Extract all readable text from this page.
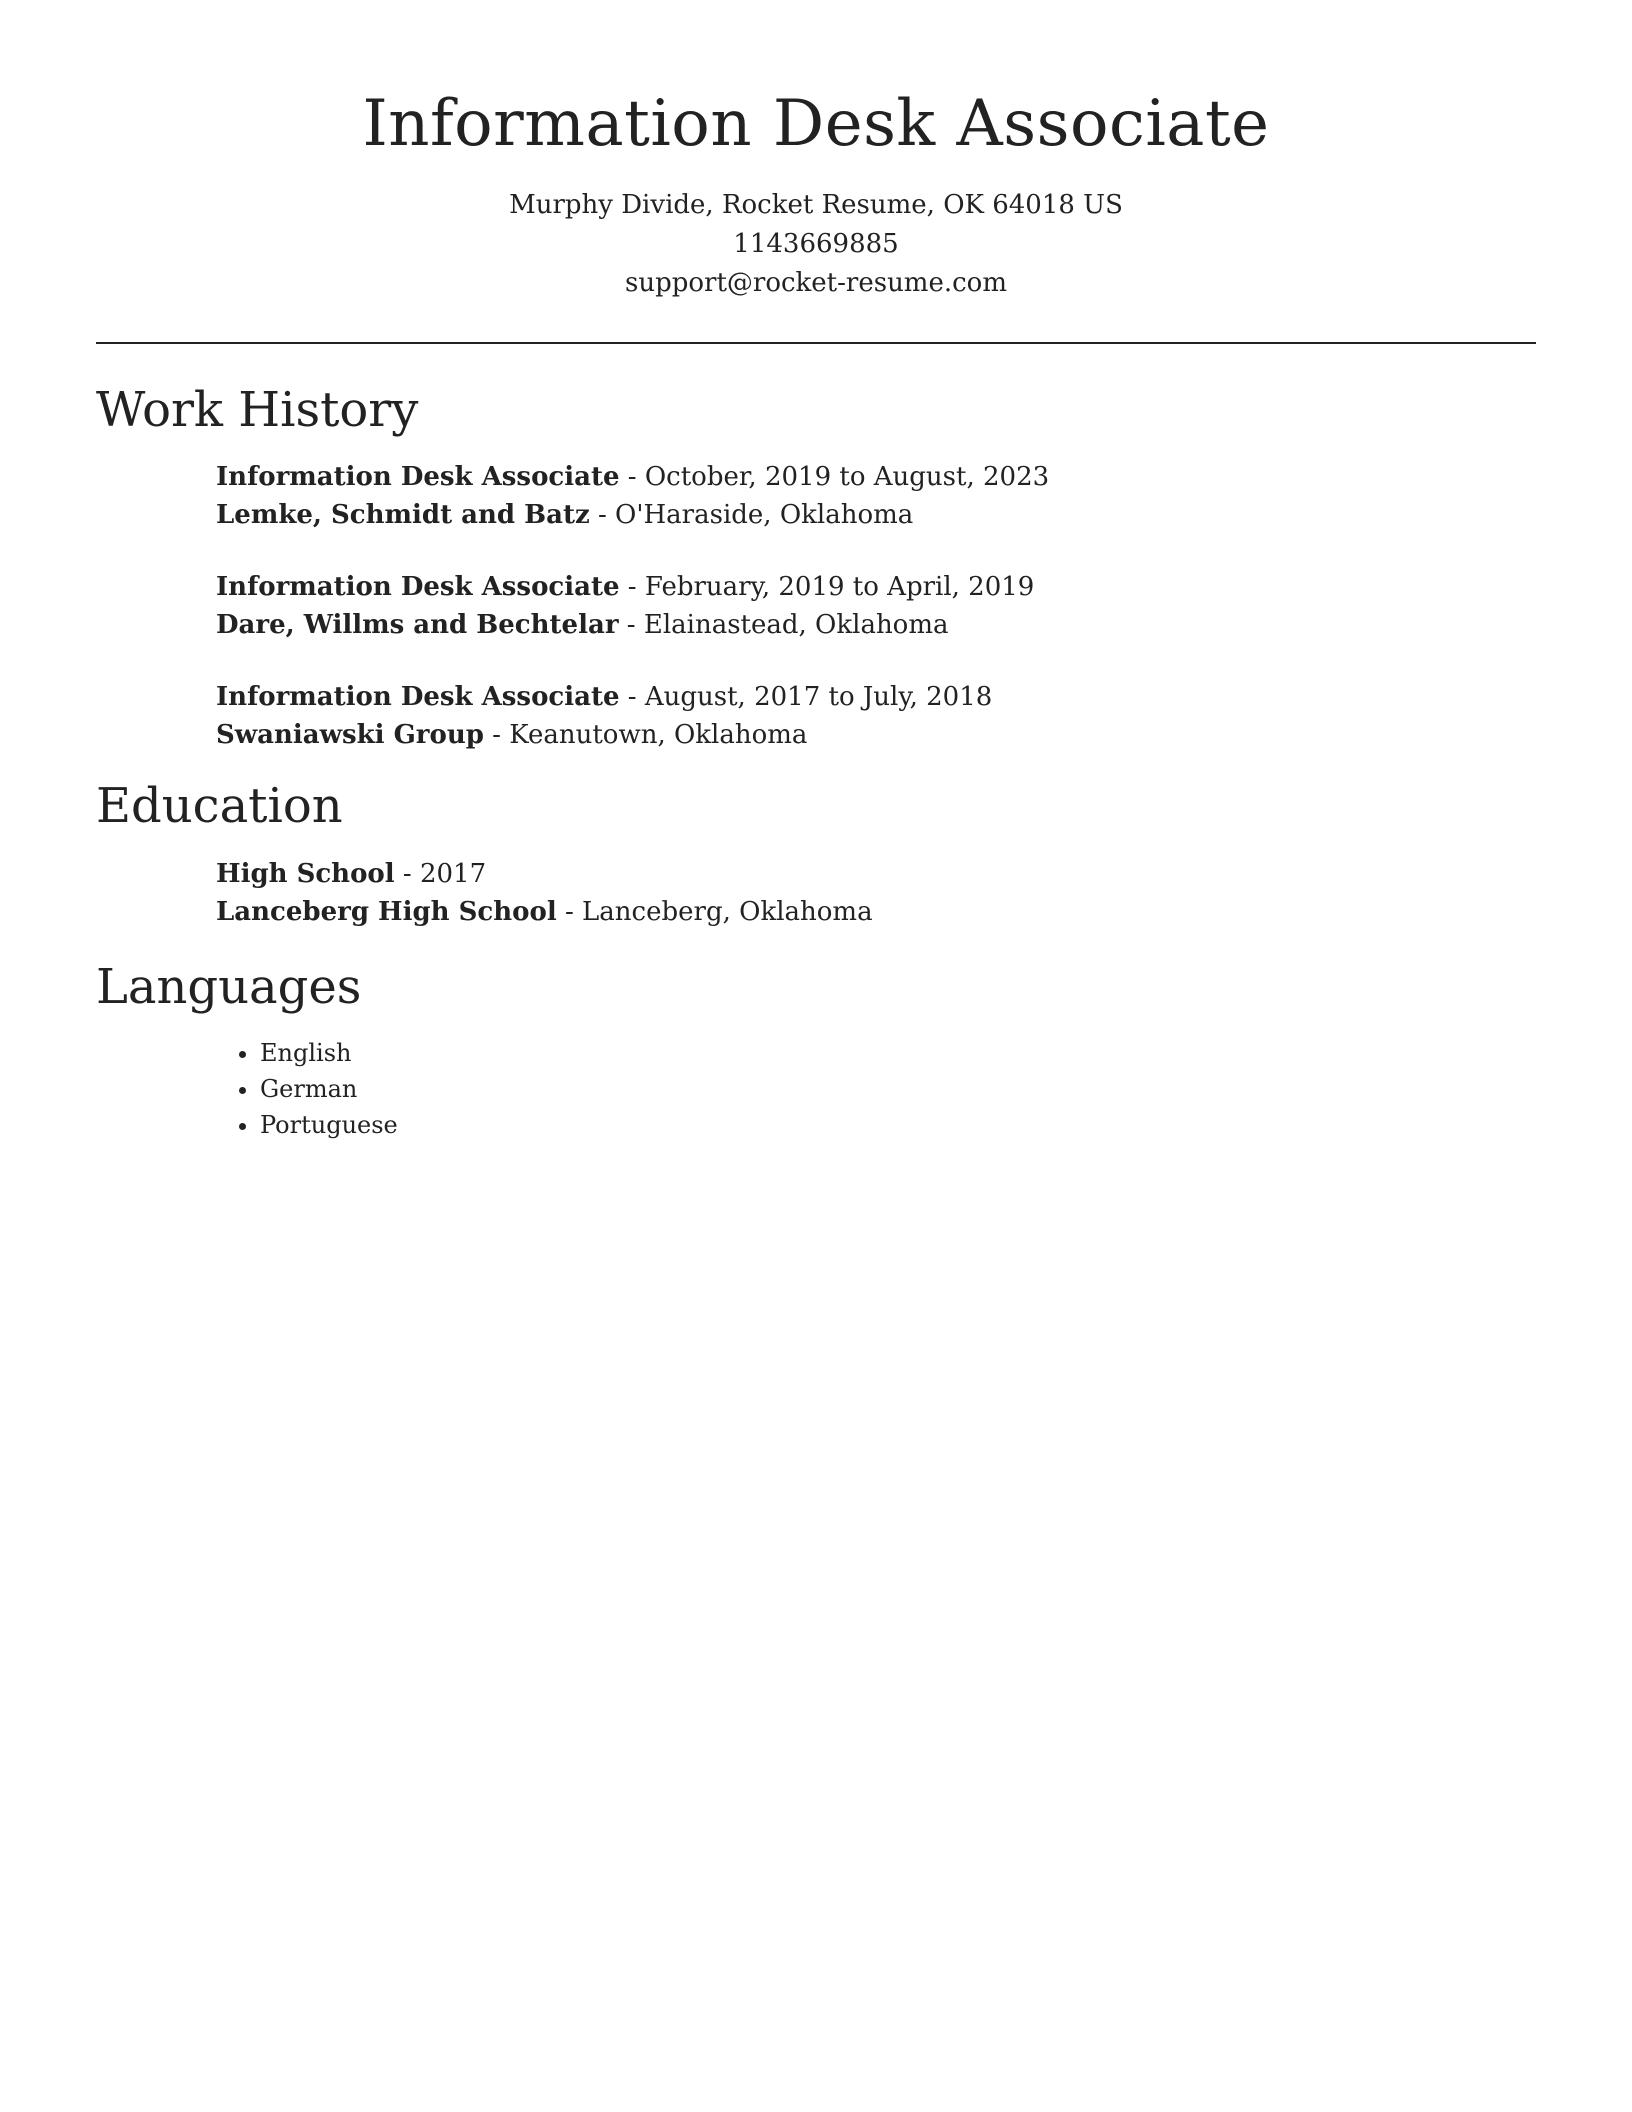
Information Desk Associate
Murphy Divide, Rocket Resume, OK 64018 US
1143669885
support@rocket-resume.com
Work History
Information Desk Associate - October, 2019 to August, 2023
Lemke, Schmidt and Batz - O'Haraside, Oklahoma
Information Desk Associate - February, 2019 to April, 2019
Dare, Willms and Bechtelar - Elainastead, Oklahoma
Information Desk Associate - August, 2017 to July, 2018
Swaniawski Group - Keanutown, Oklahoma
Education
High School - 2017
Lanceberg High School - Lanceberg, Oklahoma
Languages
• English
• German
• Portuguese
